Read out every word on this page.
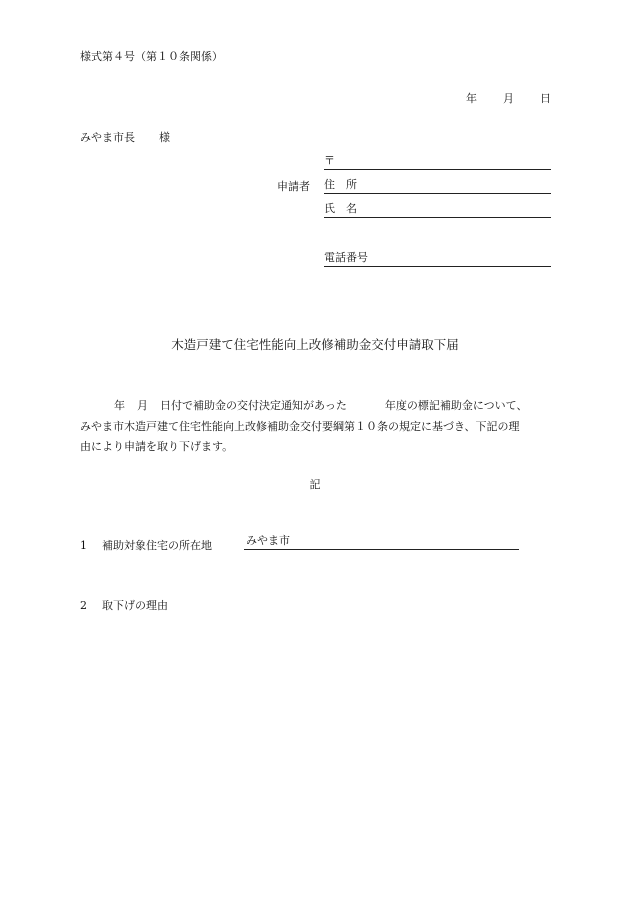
様式第４号（第１０条関係）
年 月 日
みやま市長 様
〒
申請者 住　所
氏　名
電話番号
木造戸建て住宅性能向上改修補助金交付申請取下届
年 月 日付で補助金の交付決定通知があった	年度の標記補助金について、
みやま市木造戸建て住宅性能向上改修補助金交付要綱第１０条の規定に基づき、下記の理
由により申請を取り下げます。
記
1 補助対象住宅の所在地	みやま市
2 取下げの理由
